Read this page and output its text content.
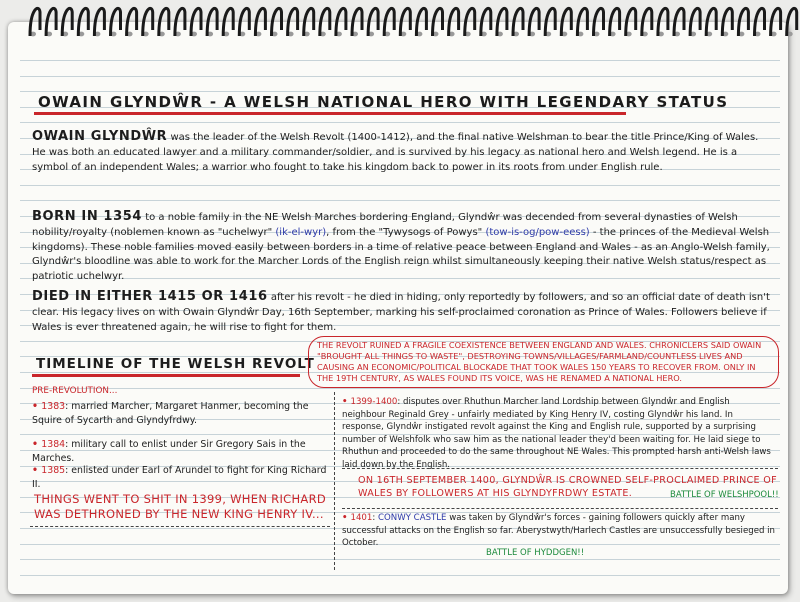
OWAIN GLYNDŴR - A WELSH NATIONAL HERO WITH LEGENDARY STATUS
OWAIN GLYNDŴR was the leader of the Welsh Revolt (1400-1412), and the final native Welshman to bear the title Prince/King of Wales. He was both an educated lawyer and a military commander/soldier, and is survived by his legacy as national hero and Welsh legend. He is a symbol of an independent Wales; a warrior who fought to take his kingdom back to power in its roots from under English rule.
BORN IN 1354 to a noble family in the NE Welsh Marches bordering England, Glyndŵr was decended from several dynasties of Welsh nobility/royalty (noblemen known as "uchelwyr" (ik-el-wyr), from the "Tywysogs of Powys" (tow-is-og/pow-eess) - the princes of the Medieval Welsh kingdoms). These noble families moved easily between borders in a time of relative peace between England and Wales - as an Anglo-Welsh family, Glyndŵr's bloodline was able to work for the Marcher Lords of the English reign whilst simultaneously keeping their native Welsh status/respect as patriotic uchelwyr.
DIED IN EITHER 1415 OR 1416 after his revolt - he died in hiding, only reportedly by followers, and so an official date of death isn't clear. His legacy lives on with Owain Glyndŵr Day, 16th September, marking his self-proclaimed coronation as Prince of Wales. Followers believe if Wales is ever threatened again, he will rise to fight for them.
TIMELINE OF THE WELSH REVOLT
THE REVOLT RUINED A FRAGILE COEXISTENCE BETWEEN ENGLAND AND WALES. CHRONICLERS SAID OWAIN "BROUGHT ALL THINGS TO WASTE", DESTROYING TOWNS/VILLAGES/FARMLAND/COUNTLESS LIVES AND CAUSING AN ECONOMIC/POLITICAL BLOCKADE THAT TOOK WALES 150 YEARS TO RECOVER FROM. ONLY IN THE 19TH CENTURY, AS WALES FOUND ITS VOICE, WAS HE RENAMED A NATIONAL HERO.
PRE-REVOLUTION...
• 1383: married Marcher, Margaret Hanmer, becoming the Squire of Sycarth and Glyndyfrdwy.
• 1384: military call to enlist under Sir Gregory Sais in the Marches.
• 1385: enlisted under Earl of Arundel to fight for King Richard II.
THINGS WENT TO SHIT IN 1399, WHEN RICHARD WAS DETHRONED BY THE NEW KING HENRY IV...
• 1399-1400: disputes over Rhuthun Marcher land Lordship between Glyndŵr and English neighbour Reginald Grey - unfairly mediated by King Henry IV, costing Glyndŵr his land. In response, Glyndŵr instigated revolt against the King and English rule, supported by a surprising number of Welshfolk who saw him as the national leader they'd been waiting for. He laid siege to Rhuthun and proceeded to do the same throughout NE Wales. This prompted harsh anti-Welsh laws laid down by the English.
ON 16TH SEPTEMBER 1400, GLYNDŴR IS CROWNED SELF-PROCLAIMED PRINCE OF WALES BY FOLLOWERS AT HIS GLYNDYFRDWY ESTATE.	BATTLE OF WELSHPOOL!!
• 1401: CONWY CASTLE was taken by Glyndŵr's forces - gaining followers quickly after many successful attacks on the English so far. Aberystwyth/Harlech Castles are unsuccessfully besieged in October.
BATTLE OF HYDDGEN!!
